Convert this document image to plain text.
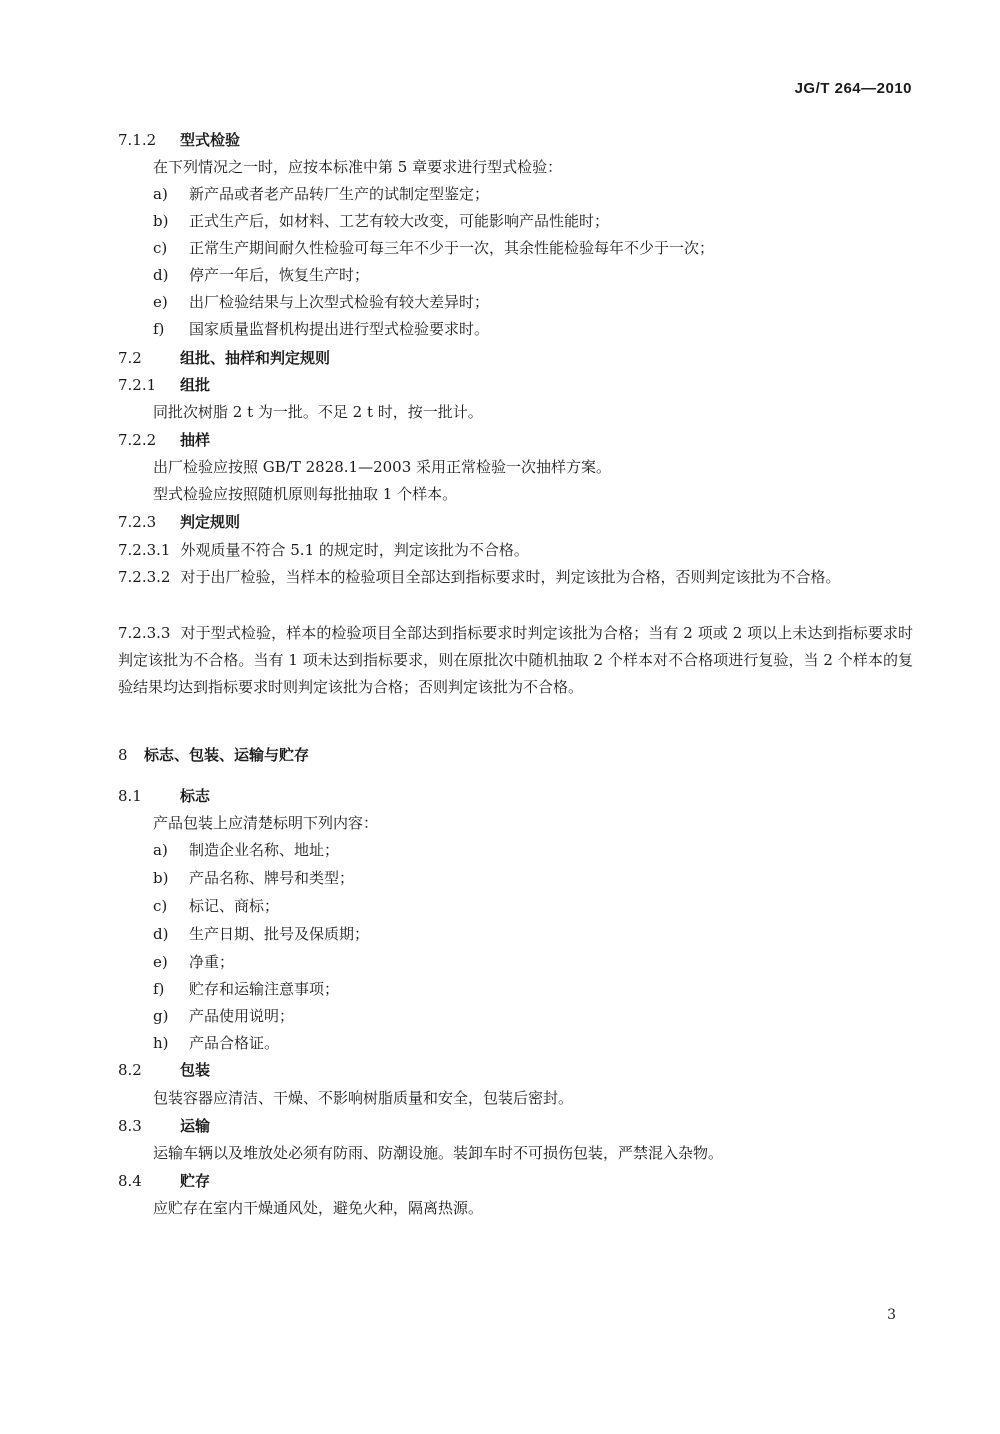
JG/T 264—2010
7.1.2 型式检验
在下列情况之一时，应按本标准中第 5 章要求进行型式检验：
a) 新产品或者老产品转厂生产的试制定型鉴定；
b) 正式生产后，如材料、工艺有较大改变，可能影响产品性能时；
c) 正常生产期间耐久性检验可每三年不少于一次，其余性能检验每年不少于一次；
d) 停产一年后，恢复生产时；
e) 出厂检验结果与上次型式检验有较大差异时；
f) 国家质量监督机构提出进行型式检验要求时。
7.2	组批、抽样和判定规则
7.2.1 组批
同批次树脂 2 t 为一批。不足 2 t 时，按一批计。
7.2.2 抽样
出厂检验应按照 GB/T 2828.1—2003 采用正常检验一次抽样方案。
型式检验应按照随机原则每批抽取 1 个样本。
7.2.3 判定规则
7.2.3.1 外观质量不符合 5.1 的规定时，判定该批为不合格。
7.2.3.2 对于出厂检验，当样本的检验项目全部达到指标要求时，判定该批为合格，否则判定该批为不合格。
7.2.3.3 对于型式检验，样本的检验项目全部达到指标要求时判定该批为合格；当有 2 项或 2 项以上未达到指标要求时判定该批为不合格。当有 1 项未达到指标要求，则在原批次中随机抽取 2 个样本对不合格项进行复验，当 2 个样本的复验结果均达到指标要求时则判定该批为合格；否则判定该批为不合格。
8 标志、包装、运输与贮存
8.1	标志
产品包装上应清楚标明下列内容：
a) 制造企业名称、地址；
b) 产品名称、牌号和类型；
c) 标记、商标；
d) 生产日期、批号及保质期；
e) 净重；
f) 贮存和运输注意事项；
g) 产品使用说明；
h) 产品合格证。
8.2	包装
包装容器应清洁、干燥、不影响树脂质量和安全，包装后密封。
8.3	运输
运输车辆以及堆放处必须有防雨、防潮设施。装卸车时不可损伤包装，严禁混入杂物。
8.4	贮存
应贮存在室内干燥通风处，避免火种，隔离热源。
3
